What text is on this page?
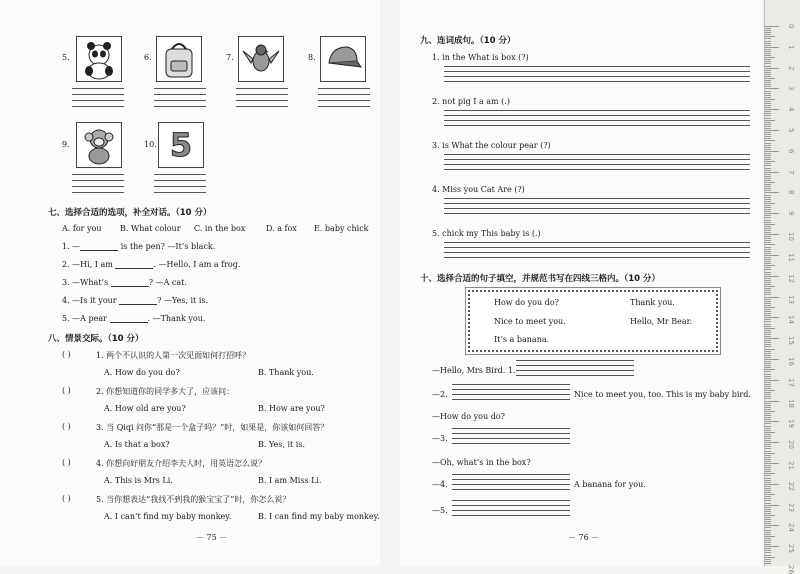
5.	6.	7.	8.
9.	10. 5
七、选择合适的选项，补全对话。（10 分）
A. for you B. What colour C. in the box	D. a fox E. baby chick
1. —	is the pen? —It’s black.
2. —Hi, I am	. —Hello, I am a frog.
3. —What’s	? —A cat.
4. —Is it your	? —Yes, it is.
5. —A pear	. —Thank you.
八、情景交际。（10 分）
( )	1. 两个不认识的人第一次见面如何打招呼？
A. How do you do?	B. Thank you.
( )	2. 你想知道你的同学多大了，应该问：
A. How old are you?	B. How are you?
( )	3. 当 Qiqi 问你“那是一个盒子吗？”时，如果是，你该如何回答？
A. Is that a box?	B. Yes, it is.
( )	4. 你想向好朋友介绍李夫人时，用英语怎么说？
A. This is Mrs Li.	B. I am Miss Li.
( )	5. 当你想表达“我找不到我的猴宝宝了”时，你怎么说？
A. I can’t find my baby monkey.	B. I can find my baby monkey.
－ 75 －
九、连词成句。（10 分）
1. in the What is box (?)
2. not pig I a am (.)
3. is What the colour pear (?)
4. Miss you Cat Are (?)
5. chick my This baby is (.)
十、选择合适的句子填空，并规范书写在四线三格内。（10 分）
How do you do?	Thank you.
Nice to meet you.	Hello, Mr Bear.
It’s a banana.
—Hello, Mrs Bird. 1.
—2.	Nice to meet you, too. This is my baby bird.
—How do you do?
—3.
—Oh, what’s in the box?
—4.	A banana for you.
—5.
－ 76 －
0
1
2
3
4
5
6
7
8
9
10
11
12
13
14
15
16
17
18
19
20
21
22
23
24
25
26
